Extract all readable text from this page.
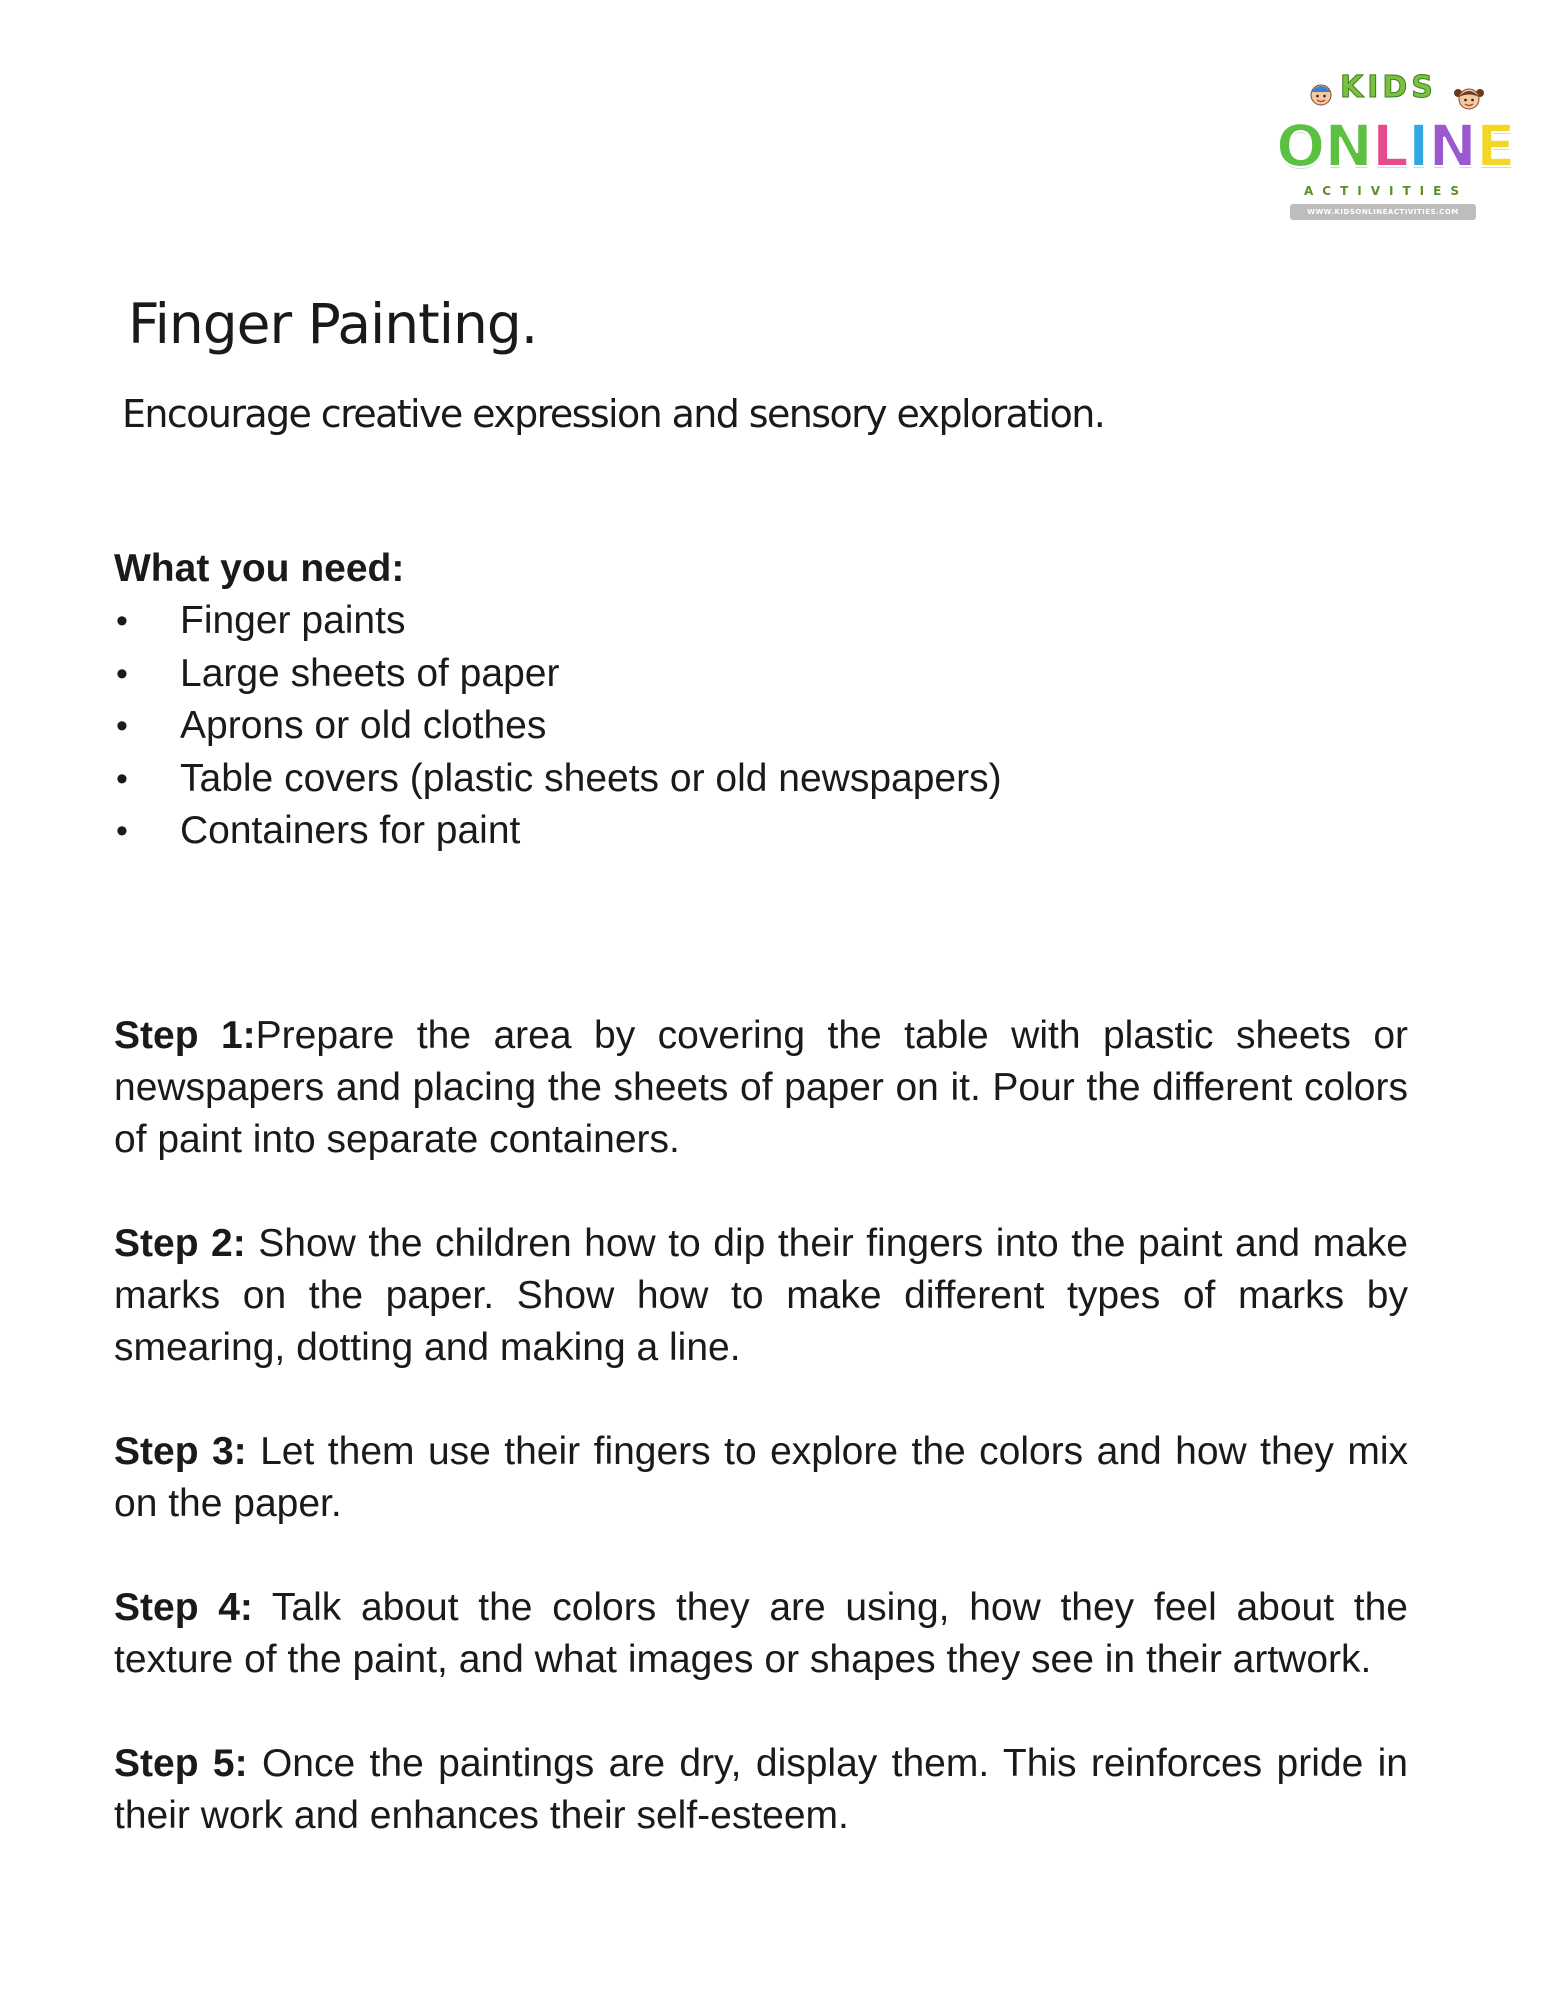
KIDS
ONLINE
ACTIVITIES
WWW.KIDSONLINEACTIVITIES.COM
Finger Painting.
Encourage creative expression and sensory exploration.
What you need:
• Finger paints
• Large sheets of paper
• Aprons or old clothes
• Table covers (plastic sheets or old newspapers)
• Containers for paint

Step 1:Prepare the area by covering the table with plastic sheets or newspapers and placing the sheets of paper on it. Pour the different colors of paint into separate containers.

Step 2: Show the children how to dip their fingers into the paint and make marks on the paper. Show how to make different types of marks by smearing, dotting and making a line.

Step 3: Let them use their fingers to explore the colors and how they mix on the paper.

Step 4: Talk about the colors they are using, how they feel about the texture of the paint, and what images or shapes they see in their artwork.

Step 5: Once the paintings are dry, display them. This reinforces pride in their work and enhances their self-esteem.
